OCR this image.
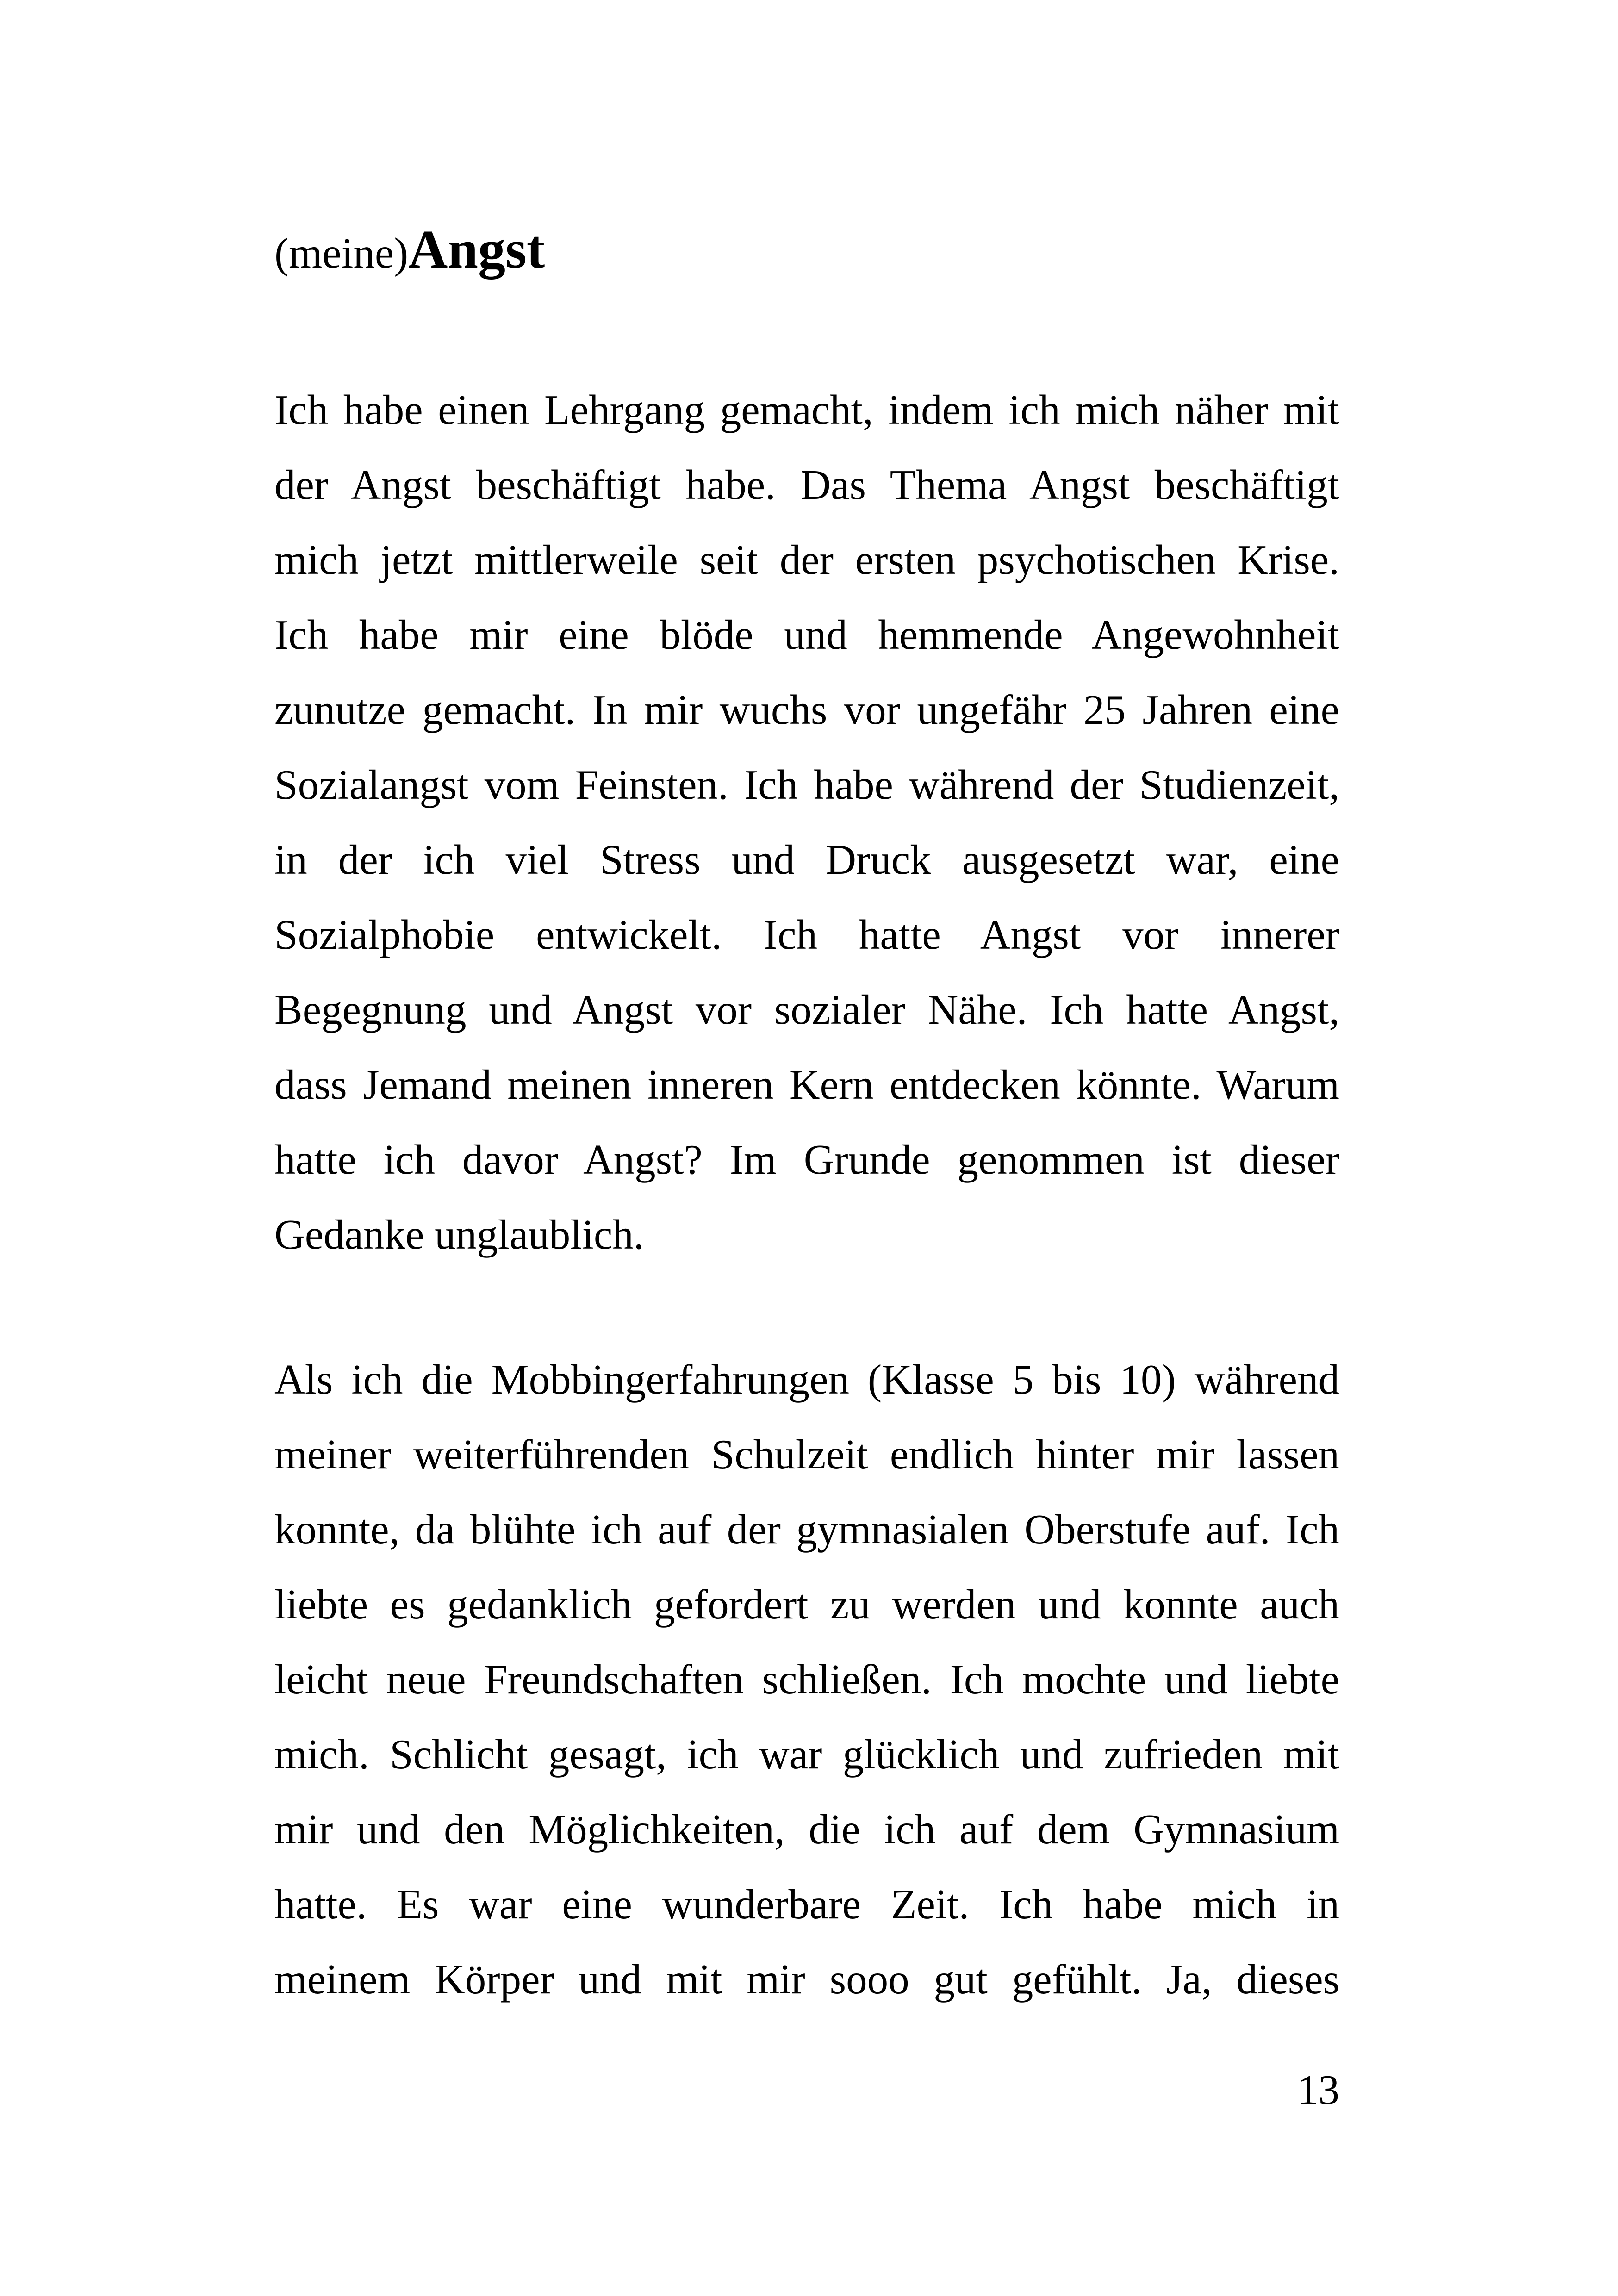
(meine)Angst
Ich habe einen Lehrgang gemacht, indem ich mich näher mit
der Angst beschäftigt habe. Das Thema Angst beschäftigt
mich jetzt mittlerweile seit der ersten psychotischen Krise.
Ich habe mir eine blöde und hemmende Angewohnheit
zunutze gemacht. In mir wuchs vor ungefähr 25 Jahren eine
Sozialangst vom Feinsten. Ich habe während der Studienzeit,
in der ich viel Stress und Druck ausgesetzt war, eine
Sozialphobie entwickelt. Ich hatte Angst vor innerer
Begegnung und Angst vor sozialer Nähe. Ich hatte Angst,
dass Jemand meinen inneren Kern entdecken könnte. Warum
hatte ich davor Angst? Im Grunde genommen ist dieser
Gedanke unglaublich.
Als ich die Mobbingerfahrungen (Klasse 5 bis 10) während
meiner weiterführenden Schulzeit endlich hinter mir lassen
konnte, da blühte ich auf der gymnasialen Oberstufe auf. Ich
liebte es gedanklich gefordert zu werden und konnte auch
leicht neue Freundschaften schließen. Ich mochte und liebte
mich. Schlicht gesagt, ich war glücklich und zufrieden mit
mir und den Möglichkeiten, die ich auf dem Gymnasium
hatte. Es war eine wunderbare Zeit. Ich habe mich in
meinem Körper und mit mir sooo gut gefühlt. Ja, dieses

13
